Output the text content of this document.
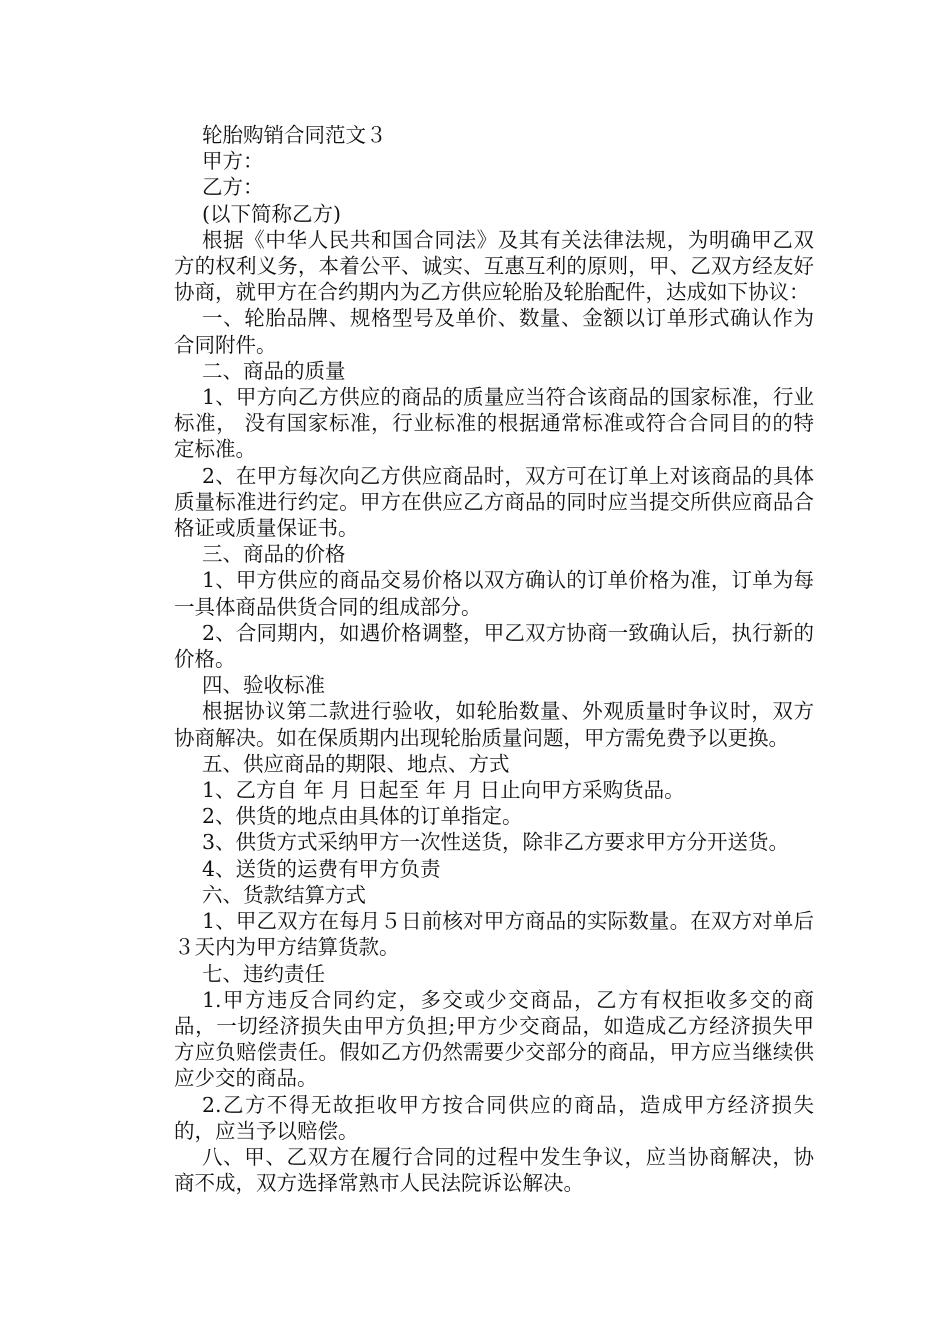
轮胎购销合同范文３

甲方：

乙方：

(以下简称乙方)

根据《中华人民共和国合同法》及其有关法律法规，为明确甲乙双方的权利义务，本着公平、诚实、互惠互利的原则，甲、乙双方经友好协商，就甲方在合约期内为乙方供应轮胎及轮胎配件，达成如下协议：

一、轮胎品牌、规格型号及单价、数量、金额以订单形式确认作为合同附件。

二、商品的质量

1、甲方向乙方供应的商品的质量应当符合该商品的国家标准，行业标准， 没有国家标准，行业标准的根据通常标准或符合合同目的的特定标准。

2、在甲方每次向乙方供应商品时，双方可在订单上对该商品的具体质量标准进行约定。甲方在供应乙方商品的同时应当提交所供应商品合格证或质量保证书。

三、商品的价格

1、甲方供应的商品交易价格以双方确认的订单价格为准，订单为每一具体商品供货合同的组成部分。

2、合同期内，如遇价格调整，甲乙双方协商一致确认后，执行新的价格。

四、验收标准

根据协议第二款进行验收，如轮胎数量、外观质量时争议时，双方协商解决。如在保质期内出现轮胎质量问题，甲方需免费予以更换。

五、供应商品的期限、地点、方式

1、乙方自 年 月 日起至 年 月 日止向甲方采购货品。

2、供货的地点由具体的订单指定。

3、供货方式采纳甲方一次性送货，除非乙方要求甲方分开送货。

4、送货的运费有甲方负责

六、货款结算方式

1、甲乙双方在每月５日前核对甲方商品的实际数量。在双方对单后３天内为甲方结算货款。

七、违约责任

1.甲方违反合同约定，多交或少交商品，乙方有权拒收多交的商品，一切经济损失由甲方负担;甲方少交商品，如造成乙方经济损失甲方应负赔偿责任。假如乙方仍然需要少交部分的商品，甲方应当继续供应少交的商品。

2.乙方不得无故拒收甲方按合同供应的商品，造成甲方经济损失的，应当予以赔偿。

八、甲、乙双方在履行合同的过程中发生争议，应当协商解决，协商不成，双方选择常熟市人民法院诉讼解决。
